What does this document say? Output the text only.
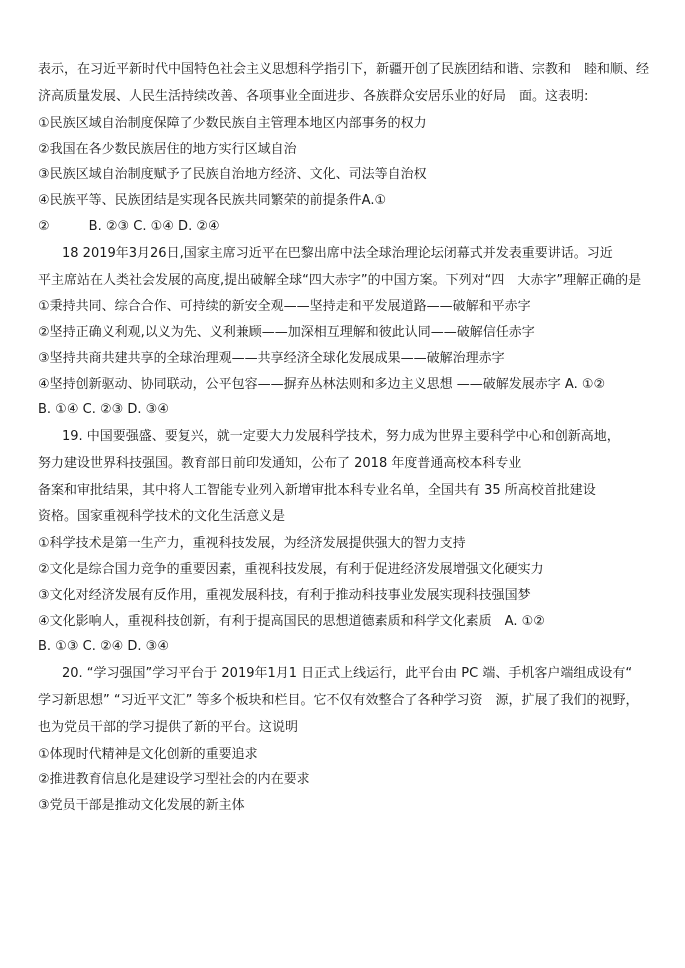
表示，在习近平新时代中国特色社会主义思想科学指引下，新疆开创了民族团结和谐、宗教和　睦和顺、经
济高质量发展、人民生活持续改善、各项事业全面进步、各族群众安居乐业的好局　面。这表明:
①民族区域自治制度保障了少数民族自主管理本地区内部事务的权力
②我国在各少数民族居住的地方实行区域自治
③民族区域自治制度赋予了民族自治地方经济、文化、司法等自治权
④民族平等、民族团结是实现各民族共同繁荣的前提条件A.①
②　　　B. ②③ C. ①④ D. ②④
18 2019年3月26日,国家主席习近平在巴黎出席中法全球治理论坛闭幕式并发表重要讲话。习近
平主席站在人类社会发展的高度,提出破解全球“四大赤字”的中国方案。下列对“四　大赤字”理解正确的是
①秉持共同、综合合作、可持续的新安全观——坚持走和平发展道路——破解和平赤字
②坚持正确义利观,以义为先、义利兼顾——加深相互理解和彼此认同——破解信任赤字
③坚持共商共建共享的全球治理观——共享经济全球化发展成果——破解治理赤字
④坚持创新驱动、协同联动，公平包容——摒弃丛林法则和多边主义思想 ——破解发展赤字 A. ①②
B. ①④ C. ②③ D. ③④
19. 中国要强盛、要复兴，就一定要大力发展科学技术，努力成为世界主要科学中心和创新高地，
努力建设世界科技强国。教育部日前印发通知，公布了 2018 年度普通高校本科专业
备案和审批结果，其中将人工智能专业列入新增审批本科专业名单，全国共有 35 所高校首批建设
资格。国家重视科学技术的文化生活意义是
①科学技术是第一生产力，重视科技发展，为经济发展提供强大的智力支持
②文化是综合国力竞争的重要因素，重视科技发展，有利于促进经济发展增强文化硬实力
③文化对经济发展有反作用，重视发展科技，有利于推动科技事业发展实现科技强国梦
④文化影响人，重视科技创新，有利于提高国民的思想道德素质和科学文化素质　A. ①②
B. ①③ C. ②④ D. ③④
20. “学习强国”学习平台于 2019年1月1 日正式上线运行，此平台由 PC 端、手机客户端组成设有“
学习新思想” “习近平文汇” 等多个板块和栏目。它不仅有效整合了各种学习资　源，扩展了我们的视野，
也为党员干部的学习提供了新的平台。这说明
①体现时代精神是文化创新的重要追求
②推进教育信息化是建设学习型社会的内在要求
③党员干部是推动文化发展的新主体
